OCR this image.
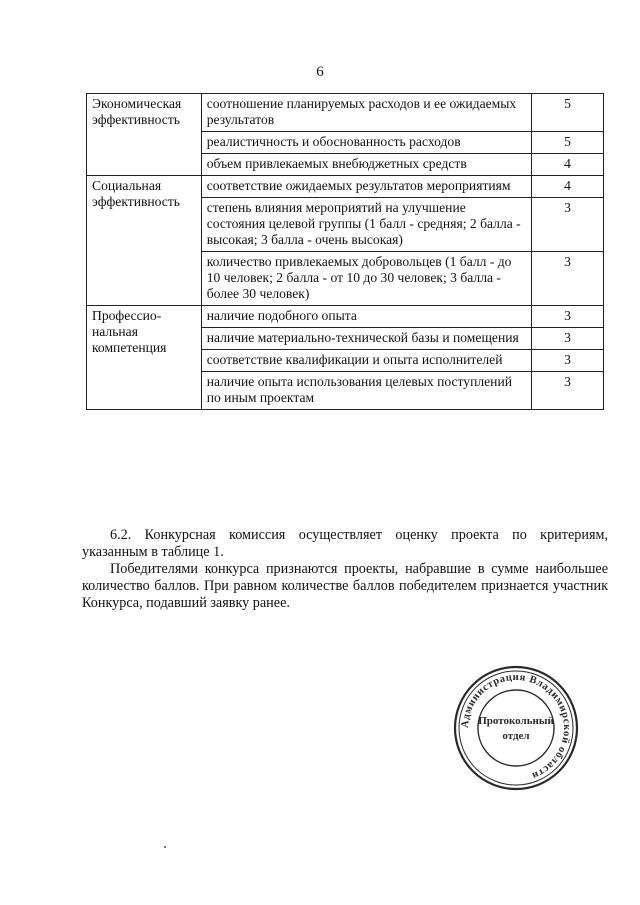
6
Экономическая эффективность	соотношение планируемых расходов и ее ожидаемых результатов	5
	реалистичность и обоснованность расходов	5
	объем привлекаемых внебюджетных средств	4
Социальная эффективность	соответствие ожидаемых результатов мероприятиям	4
	степень влияния мероприятий на улучшение состояния целевой группы (1 балл - средняя; 2 балла - высокая; 3 балла - очень высокая)	3
	количество привлекаемых добровольцев (1 балл - до 10 человек; 2 балла - от 10 до 30 человек; 3 балла - более 30 человек)	3
Профессио-нальная компетенция	наличие подобного опыта	3
	наличие материально-технической базы и помещения	3
	соответствие квалификации и опыта исполнителей	3
	наличие опыта использования целевых поступлений по иным проектам	3

6.2. Конкурсная комиссия осуществляет оценку проекта по критериям, указанным в таблице 1.

Победителями конкурса признаются проекты, набравшие в сумме наибольшее количество баллов. При равном количестве баллов победителем признается участник Конкурса, подавший заявку ранее.

Администрация Владимирской области
Протокольный
отдел
